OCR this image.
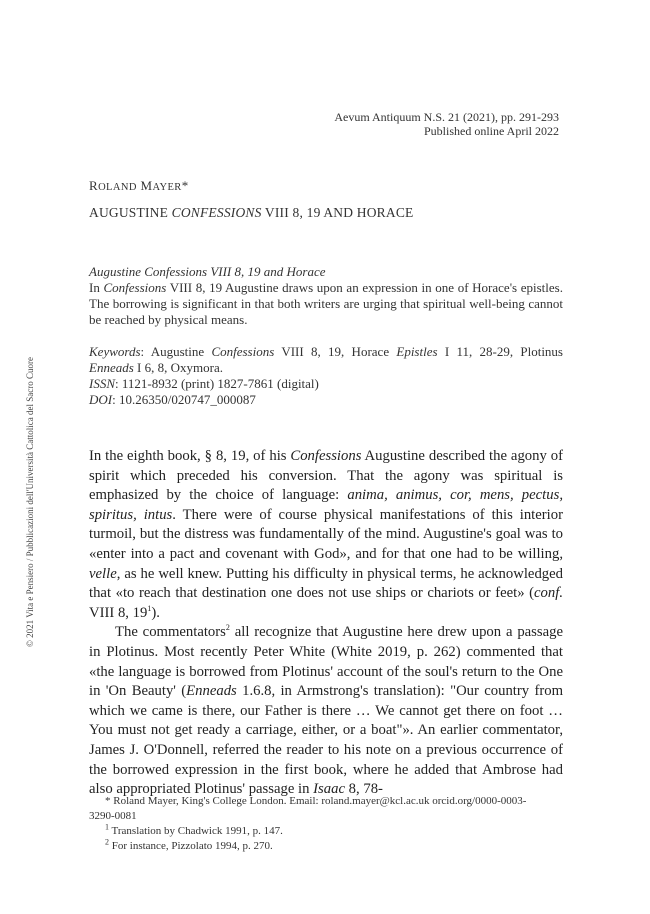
Aevum Antiquum N.S. 21 (2021), pp. 291-293
Published online April 2022
ROLAND MAYER*
AUGUSTINE CONFESSIONS VIII 8, 19 AND HORACE

Augustine Confessions VIII 8, 19 and Horace

In Confessions VIII 8, 19 Augustine draws upon an expression in one of Horace's epistles. The borrowing is significant in that both writers are urging that spiritual well-being cannot be reached by physical means.

Keywords: Augustine Confessions VIII 8, 19, Horace Epistles I 11, 28-29, Plotinus Enneads I 6, 8, Oxymora.

ISSN: 1121-8932 (print) 1827-7861 (digital)

DOI: 10.26350/020747_000087

In the eighth book, § 8, 19, of his Confessions Augustine described the agony of spirit which preceded his conversion. That the agony was spiritual is emphasized by the choice of language: anima, animus, cor, mens, pectus, spiritus, intus. There were of course physical manifestations of this interior turmoil, but the distress was fundamentally of the mind. Augustine's goal was to «enter into a pact and covenant with God», and for that one had to be willing, velle, as he well knew. Putting his difficulty in physical terms, he acknowledged that «to reach that destination one does not use ships or chariots or feet» (conf. VIII 8, $19^1$).

The commentators$^2$ all recognize that Augustine here drew upon a passage in Plotinus. Most recently Peter White (White 2019, p. 262) commented that «the language is borrowed from Plotinus' account of the soul's return to the One in 'On Beauty' (Enneads 1.6.8, in Armstrong's translation): "Our country from which we came is there, our Father is there … We cannot get there on foot … You must not get ready a carriage, either, or a boat"». An earlier commentator, James J. O'Donnell, referred the reader to his note on a previous occurrence of the borrowed expression in the first book, where he added that Ambrose had also appropriated Plotinus' passage in Isaac 8, 78-

* Roland Mayer, King's College London. Email: roland.mayer@kcl.ac.uk orcid.org/0000-0003-

3290-0081

$^1$ Translation by Chadwick 1991, p. 147.

$^2$ For instance, Pizzolato 1994, p. 270.

© 2021 Vita e Pensiero / Pubblicazioni dell'Università Cattolica del Sacro Cuore
